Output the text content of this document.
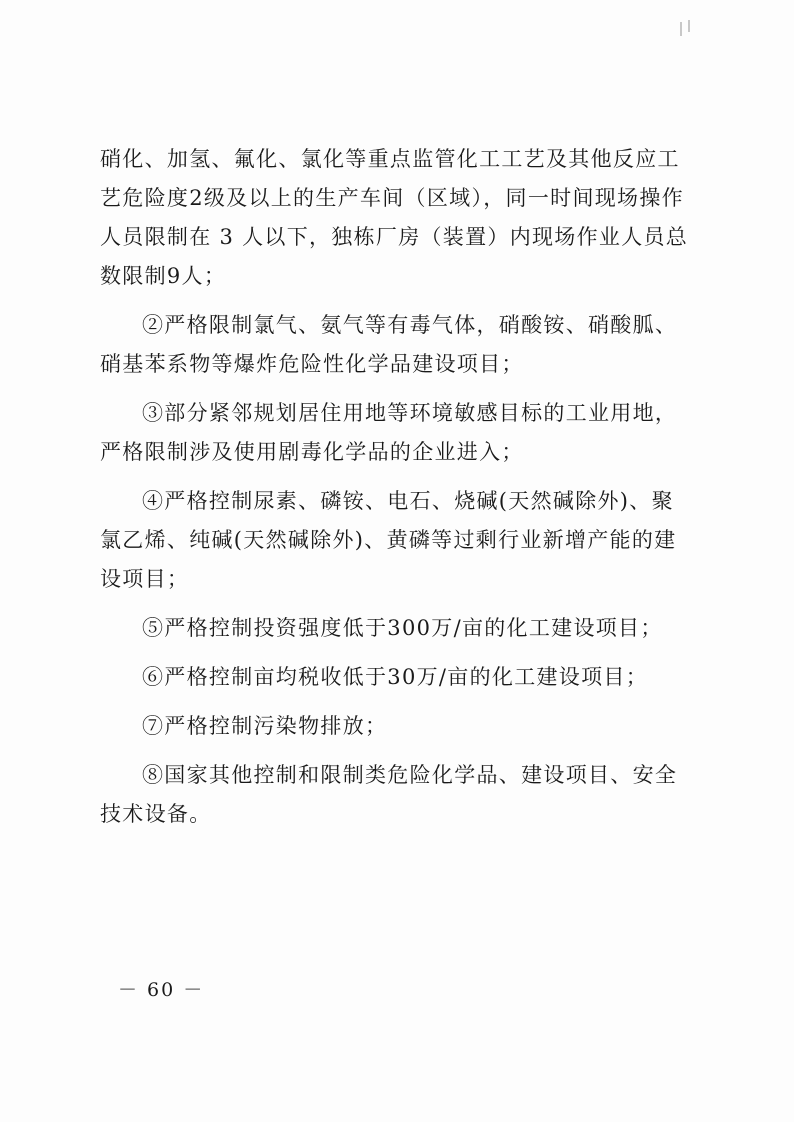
硝化、加氢、氟化、氯化等重点监管化工工艺及其他反应工
艺危险度2级及以上的生产车间（区域），同一时间现场操作
人员限制在 3 人以下，独栋厂房（装置）内现场作业人员总
数限制9人；

②严格限制氯气、氨气等有毒气体，硝酸铵、硝酸胍、
硝基苯系物等爆炸危险性化学品建设项目；

③部分紧邻规划居住用地等环境敏感目标的工业用地，
严格限制涉及使用剧毒化学品的企业进入；

④严格控制尿素、磷铵、电石、烧碱(天然碱除外)、聚
氯乙烯、纯碱(天然碱除外)、黄磷等过剩行业新增产能的建
设项目；

⑤严格控制投资强度低于300万/亩的化工建设项目；

⑥严格控制亩均税收低于30万/亩的化工建设项目；

⑦严格控制污染物排放；

⑧国家其他控制和限制类危险化学品、建设项目、安全
技术设备。

－ 60 －
